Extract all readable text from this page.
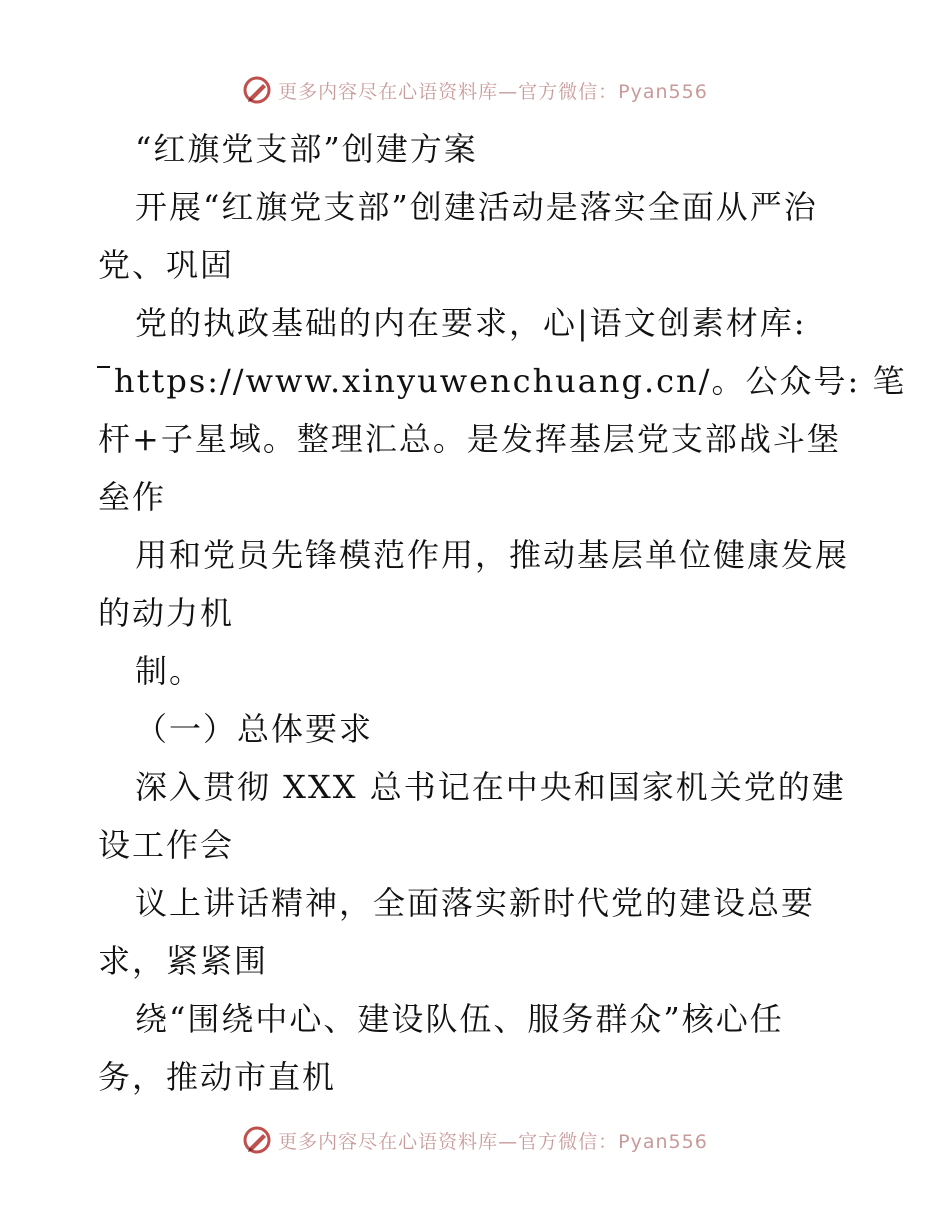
更多内容尽在心语资料库—官方微信：Pyan556
“红旗党支部”创建方案
开展“红旗党支部”创建活动是落实全面从严治
党、巩固
党的执政基础的内在要求，心|语文创素材库:
https://www.xinyuwenchuang.cn/。公众号: 笔
杆+子星域。整理汇总。是发挥基层党支部战斗堡
垒作
用和党员先锋模范作用，推动基层单位健康发展
的动力机
制。
（一）总体要求
深入贯彻 XXX 总书记在中央和国家机关党的建
设工作会
议上讲话精神，全面落实新时代党的建设总要
求，紧紧围
绕“围绕中心、建设队伍、服务群众”核心任
务，推动市直机
更多内容尽在心语资料库—官方微信：Pyan556
